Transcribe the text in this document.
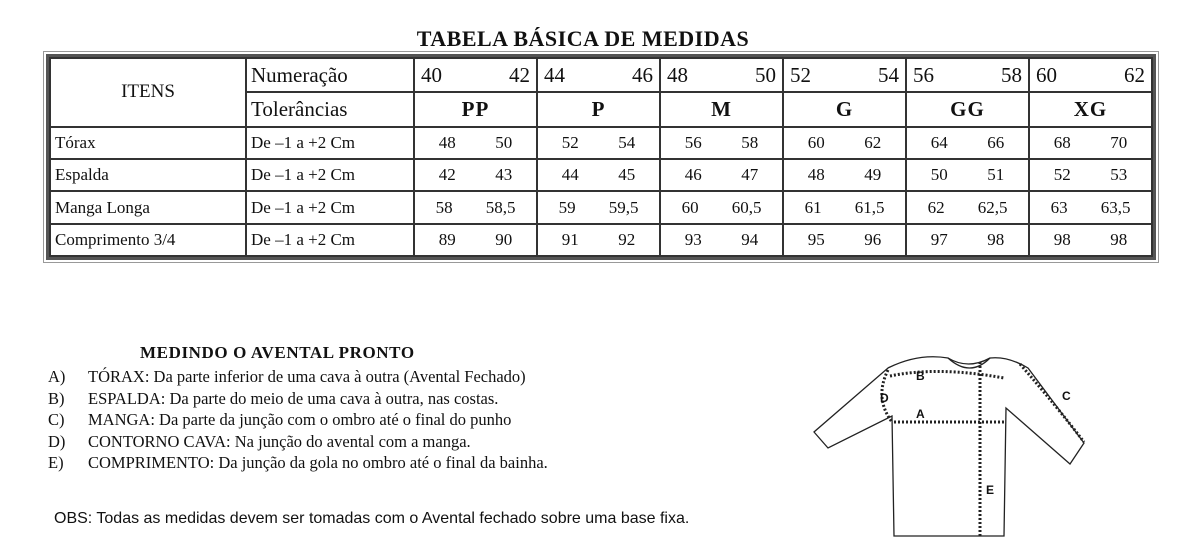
TABELA BÁSICA DE MEDIDAS
ITENS	Numeração	40 42	44 46	48 50	52 54	56 58	60 62

	Tolerâncias	PP	P	M	G	GG	XG
Tórax	De –1 a +2 Cm	48 50	52 54	56 58	60 62	64 66	68 70

Espalda	De –1 a +2 Cm	42 43	44 45	46 47	48 49	50 51	52 53

Manga Longa	De –1 a +2 Cm	58 58,5	59 59,5	60 60,5	61 61,5	62 62,5	63 63,5

Comprimento 3/4	De –1 a +2 Cm	89 90	91 92	93 94	95 96	97 98	98 98
MEDINDO O AVENTAL PRONTO
A)	TÓRAX: Da parte inferior de uma cava à outra (Avental Fechado)
B)	ESPALDA: Da parte do meio de uma cava à outra, nas costas.
C)	MANGA: Da parte da junção com o ombro até o final do punho
D)	CONTORNO CAVA: Na junção do avental com a manga.
E)	COMPRIMENTO: Da junção da gola no ombro até o final da bainha.
OBS: Todas as medidas devem ser tomadas com o Avental fechado sobre uma base fixa.
B
A
D	C
E
